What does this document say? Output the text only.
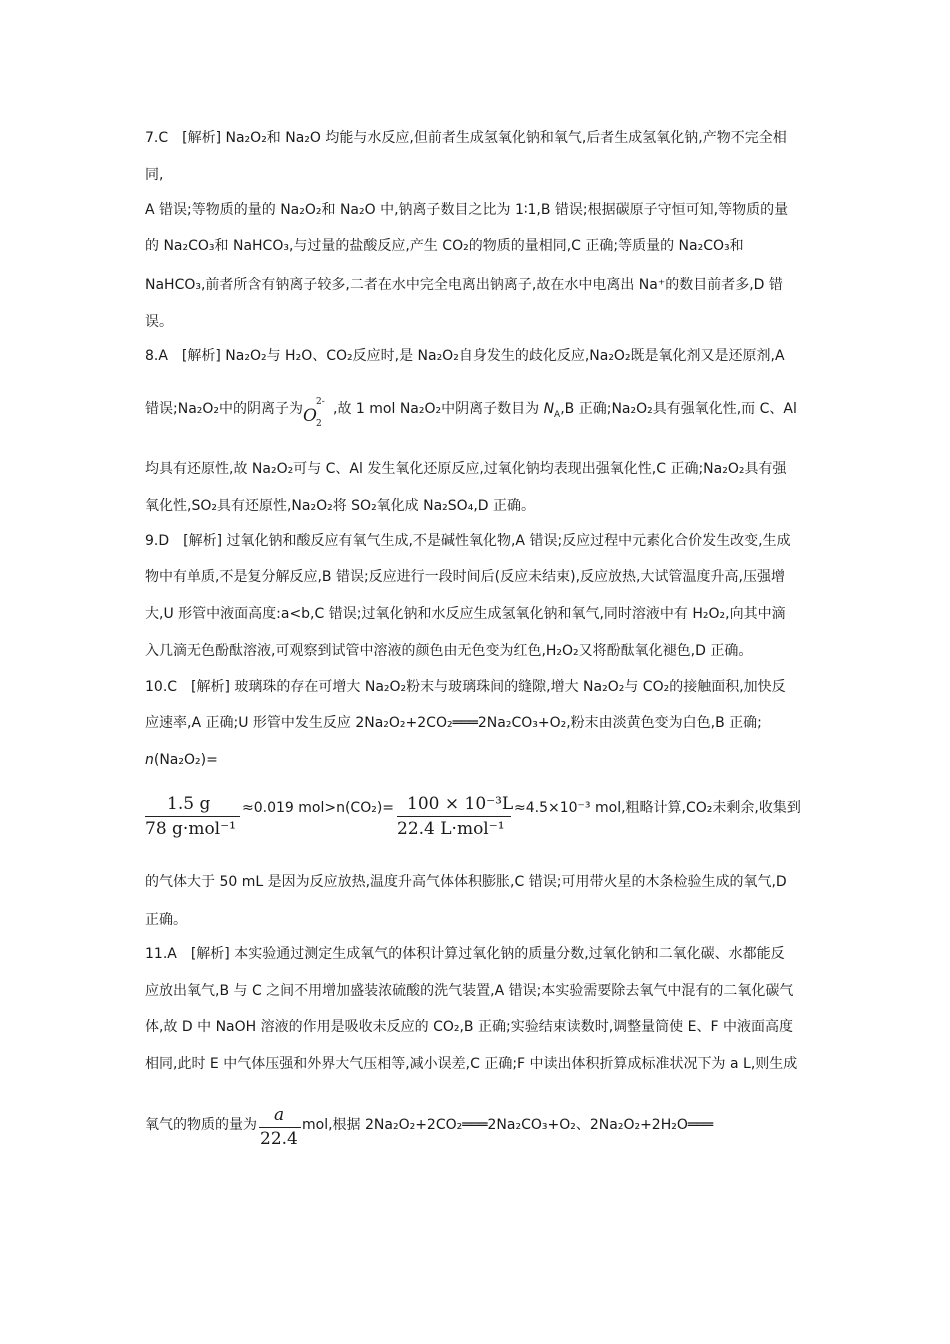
7.C　[解析] Na₂O₂和 Na₂O 均能与水反应,但前者生成氢氧化钠和氧气,后者生成氢氧化钠,产物不完全相
同,
A 错误;等物质的量的 Na₂O₂和 Na₂O 中,钠离子数目之比为 1∶1,B 错误;根据碳原子守恒可知,等物质的量
的 Na₂CO₃和 NaHCO₃,与过量的盐酸反应,产生 CO₂的物质的量相同,C 正确;等质量的 Na₂CO₃和
NaHCO₃,前者所含有钠离子较多,二者在水中完全电离出钠离子,故在水中电离出 Na⁺的数目前者多,D 错
误。
8.A　[解析] Na₂O₂与 H₂O、CO₂反应时,是 Na₂O₂自身发生的歧化反应,Na₂O₂既是氧化剂又是还原剂,A
错误;Na₂O₂中的阴离子为O
2-
2
,故 1 mol Na₂O₂中阴离子数目为 $N_A,B$ 正确;Na₂O₂具有强氧化性,而 C、Al
均具有还原性,故 Na₂O₂可与 C、Al 发生氧化还原反应,过氧化钠均表现出强氧化性,C 正确;Na₂O₂具有强
氧化性,SO₂具有还原性,Na₂O₂将 SO₂氧化成 Na₂SO₄,D 正确。
9.D　[解析] 过氧化钠和酸反应有氧气生成,不是碱性氧化物,A 错误;反应过程中元素化合价发生改变,生成
物中有单质,不是复分解反应,B 错误;反应进行一段时间后(反应未结束),反应放热,大试管温度升高,压强增
大,U 形管中液面高度:a<b,C 错误;过氧化钠和水反应生成氢氧化钠和氧气,同时溶液中有 H₂O₂,向其中滴
入几滴无色酚酞溶液,可观察到试管中溶液的颜色由无色变为红色,H₂O₂又将酚酞氧化褪色,D 正确。
10.C　[解析] 玻璃珠的存在可增大 Na₂O₂粉末与玻璃珠间的缝隙,增大 Na₂O₂与 CO₂的接触面积,加快反
应速率,A 正确;U 形管中发生反应 2Na₂O₂+2CO₂═══2Na₂CO₃+O₂,粉末由淡黄色变为白色,B 正确;
n(Na₂O₂)=
1.5 g
78 g·mol⁻¹
≈0.019 mol>n(CO₂)= 100 × 10⁻³L
22.4 L·mol⁻¹
≈4.5×10⁻³ mol,粗略计算,CO₂未剩余,收集到
的气体大于 50 mL 是因为反应放热,温度升高气体体积膨胀,C 错误;可用带火星的木条检验生成的氧气,D
正确。
11.A　[解析] 本实验通过测定生成氧气的体积计算过氧化钠的质量分数,过氧化钠和二氧化碳、水都能反
应放出氧气,B 与 C 之间不用增加盛装浓硫酸的洗气装置,A 错误;本实验需要除去氧气中混有的二氧化碳气
体,故 D 中 NaOH 溶液的作用是吸收未反应的 CO₂,B 正确;实验结束读数时,调整量筒使 E、F 中液面高度
相同,此时 E 中气体压强和外界大气压相等,减小误差,C 正确;F 中读出体积折算成标准状况下为 a L,则生成
氧气的物质的量为 a
22.4
mol,根据 2Na₂O₂+2CO₂═══2Na₂CO₃+O₂、2Na₂O₂+2H₂O═══
